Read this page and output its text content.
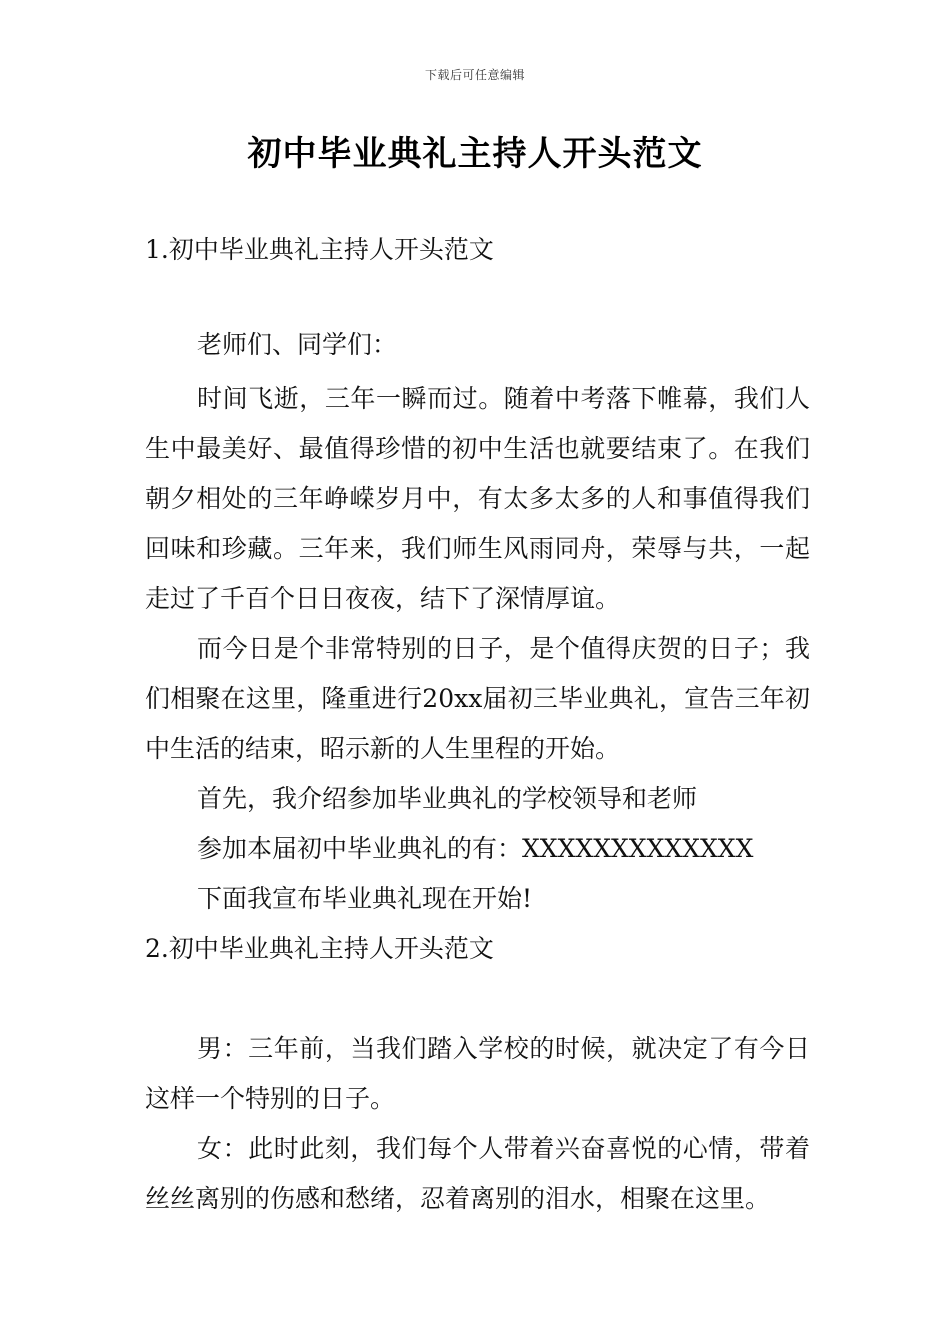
下载后可任意编辑
初中毕业典礼主持人开头范文

1.初中毕业典礼主持人开头范文

老师们、同学们：

时间飞逝，三年一瞬而过。随着中考落下帷幕，我们人生中最美好、最值得珍惜的初中生活也就要结束了。在我们朝夕相处的三年峥嵘岁月中，有太多太多的人和事值得我们回味和珍藏。三年来，我们师生风雨同舟，荣辱与共，一起走过了千百个日日夜夜，结下了深情厚谊。

而今日是个非常特别的日子，是个值得庆贺的日子；我们相聚在这里，隆重进行20xx届初三毕业典礼，宣告三年初中生活的结束，昭示新的人生里程的开始。

首先，我介绍参加毕业典礼的学校领导和老师

参加本届初中毕业典礼的有：XXXXXXXXXXXXX

下面我宣布毕业典礼现在开始!

2.初中毕业典礼主持人开头范文

男：三年前，当我们踏入学校的时候，就决定了有今日这样一个特别的日子。

女：此时此刻，我们每个人带着兴奋喜悦的心情，带着丝丝离别的伤感和愁绪，忍着离别的泪水，相聚在这里。
